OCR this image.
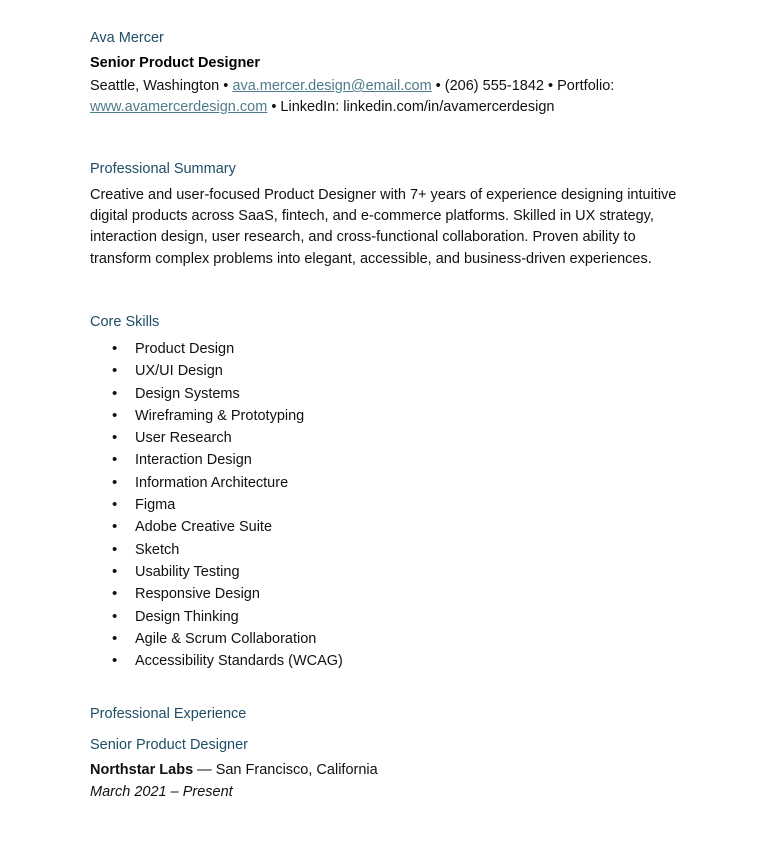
Ava Mercer
Senior Product Designer
Seattle, Washington • ava.mercer.design@email.com • (206) 555-1842 • Portfolio: www.avamercerdesign.com • LinkedIn: linkedin.com/in/avamercerdesign
Professional Summary
Creative and user-focused Product Designer with 7+ years of experience designing intuitive digital products across SaaS, fintech, and e-commerce platforms. Skilled in UX strategy, interaction design, user research, and cross-functional collaboration. Proven ability to transform complex problems into elegant, accessible, and business-driven experiences.
Core Skills
• Product Design
• UX/UI Design
• Design Systems
• Wireframing & Prototyping
• User Research
• Interaction Design
• Information Architecture
• Figma
• Adobe Creative Suite
• Sketch
• Usability Testing
• Responsive Design
• Design Thinking
• Agile & Scrum Collaboration
• Accessibility Standards (WCAG)
Professional Experience
Senior Product Designer
Northstar Labs — San Francisco, California
March 2021 – Present
